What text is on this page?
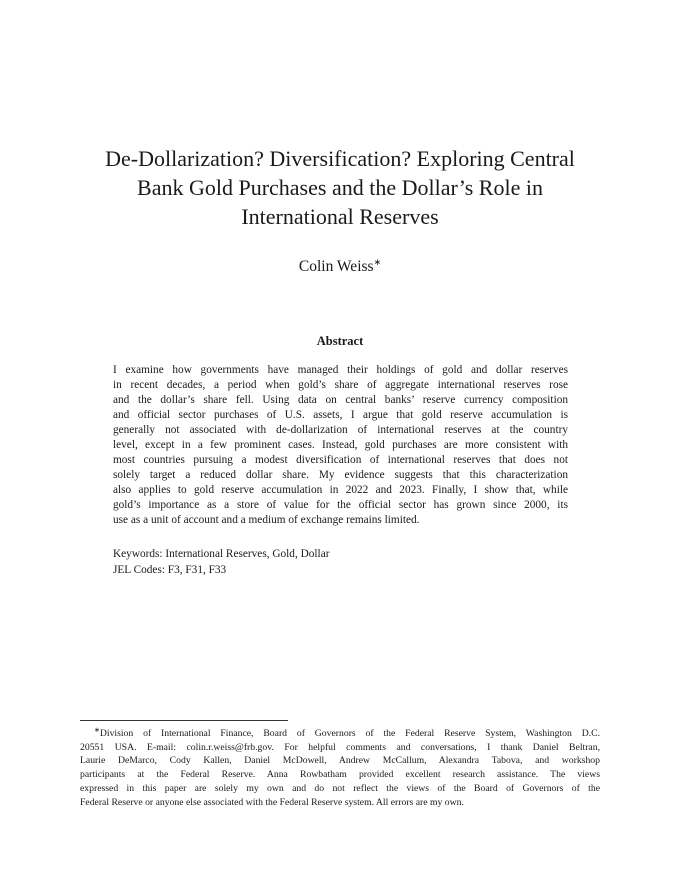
De-Dollarization? Diversification? Exploring Central
Bank Gold Purchases and the Dollar’s Role in
International Reserves
Colin Weiss∗
Abstract
I examine how governments have managed their holdings of gold and dollar reserves
in recent decades, a period when gold’s share of aggregate international reserves rose
and the dollar’s share fell. Using data on central banks’ reserve currency composition
and official sector purchases of U.S. assets, I argue that gold reserve accumulation is
generally not associated with de-dollarization of international reserves at the country
level, except in a few prominent cases. Instead, gold purchases are more consistent with
most countries pursuing a modest diversification of international reserves that does not
solely target a reduced dollar share. My evidence suggests that this characterization
also applies to gold reserve accumulation in 2022 and 2023. Finally, I show that, while
gold’s importance as a store of value for the official sector has grown since 2000, its
use as a unit of account and a medium of exchange remains limited.
Keywords: International Reserves, Gold, Dollar
JEL Codes: F3, F31, F33
∗Division of International Finance, Board of Governors of the Federal Reserve System, Washington D.C.
20551 USA. E-mail: colin.r.weiss@frb.gov. For helpful comments and conversations, I thank Daniel Beltran,
Laurie DeMarco, Cody Kallen, Daniel McDowell, Andrew McCallum, Alexandra Tabova, and workshop
participants at the Federal Reserve. Anna Rowbatham provided excellent research assistance. The views
expressed in this paper are solely my own and do not reflect the views of the Board of Governors of the
Federal Reserve or anyone else associated with the Federal Reserve system. All errors are my own.
